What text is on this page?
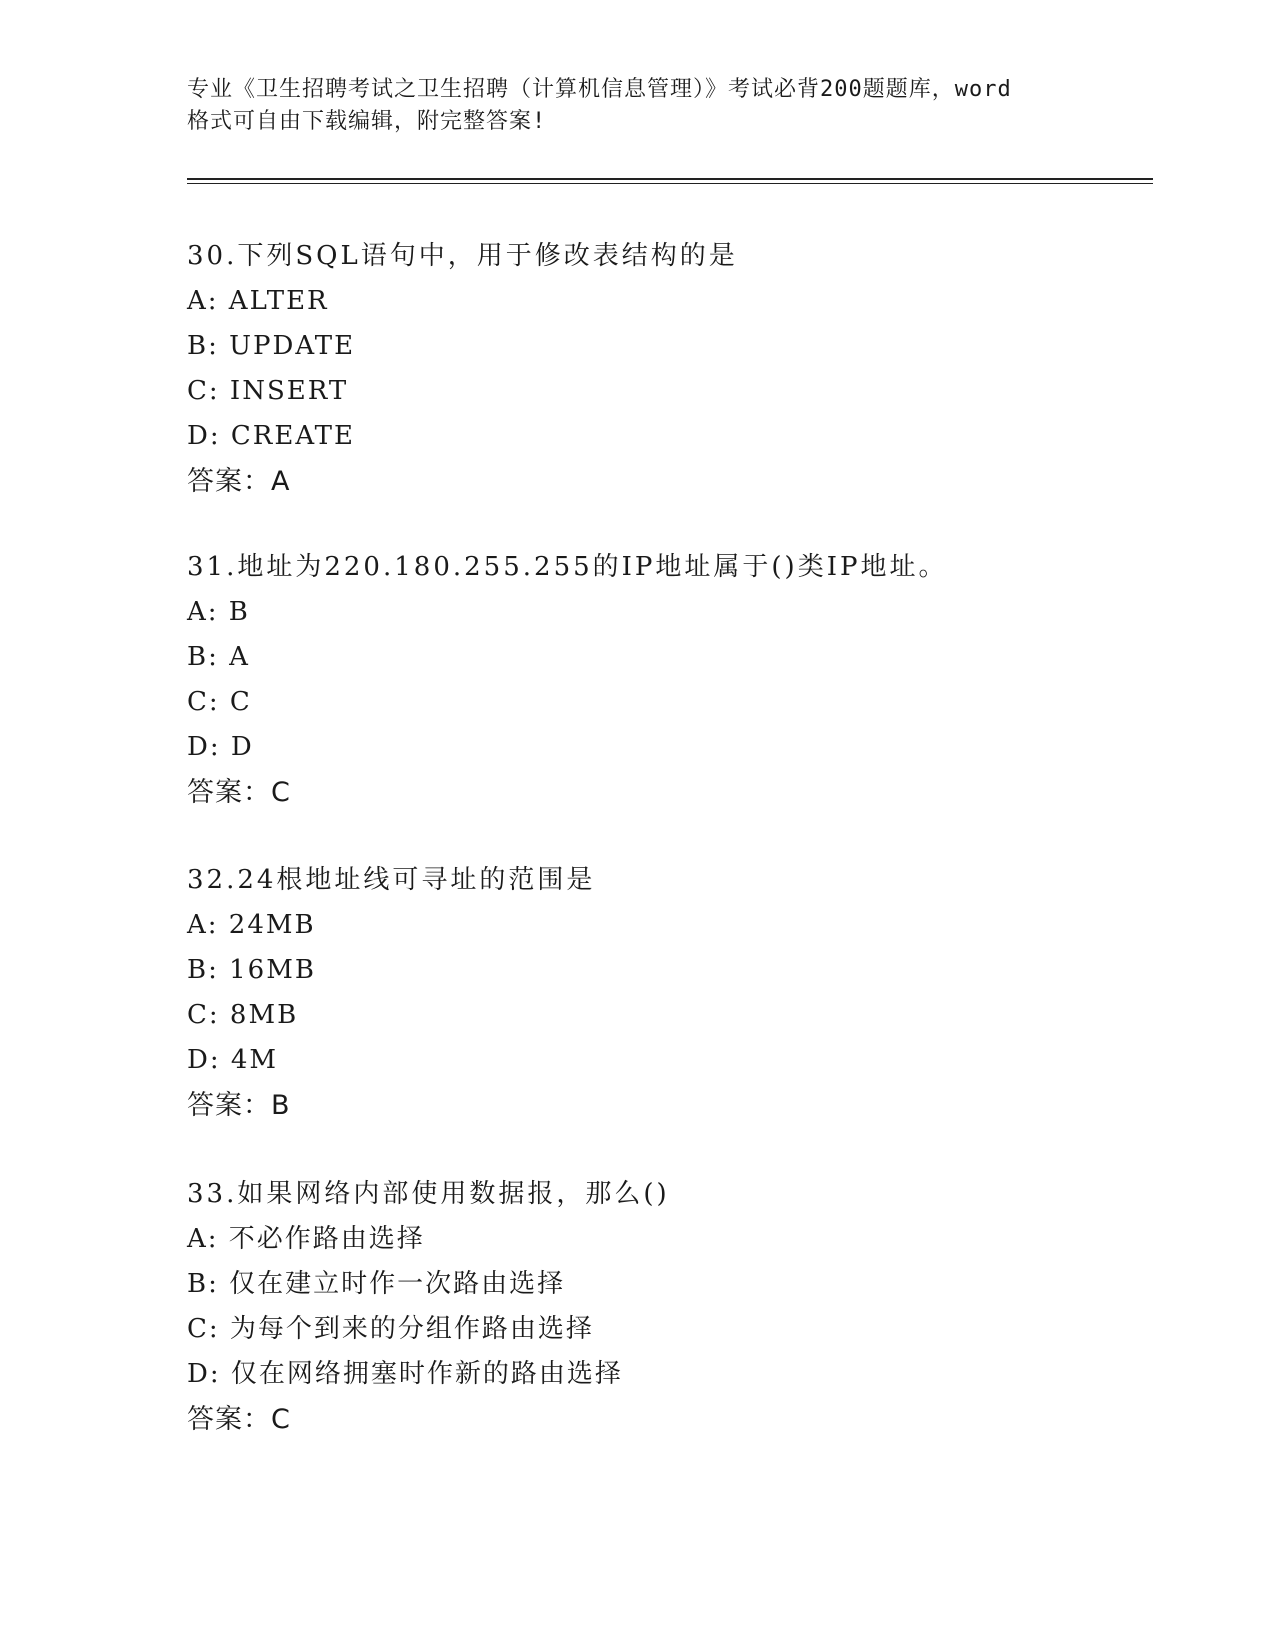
专业《卫生招聘考试之卫生招聘（计算机信息管理）》考试必背200题题库，word
格式可自由下载编辑，附完整答案!
30.下列SQL语句中，用于修改表结构的是
A: ALTER
B: UPDATE
C: INSERT
D: CREATE
答案：A
31.地址为220.180.255.255的IP地址属于()类IP地址。
A: B
B: A
C: C
D: D
答案：C
32.24根地址线可寻址的范围是
A: 24MB
B: 16MB
C: 8MB
D: 4M
答案：B
33.如果网络内部使用数据报，那么()
A: 不必作路由选择
B: 仅在建立时作一次路由选择
C: 为每个到来的分组作路由选择
D: 仅在网络拥塞时作新的路由选择
答案：C
